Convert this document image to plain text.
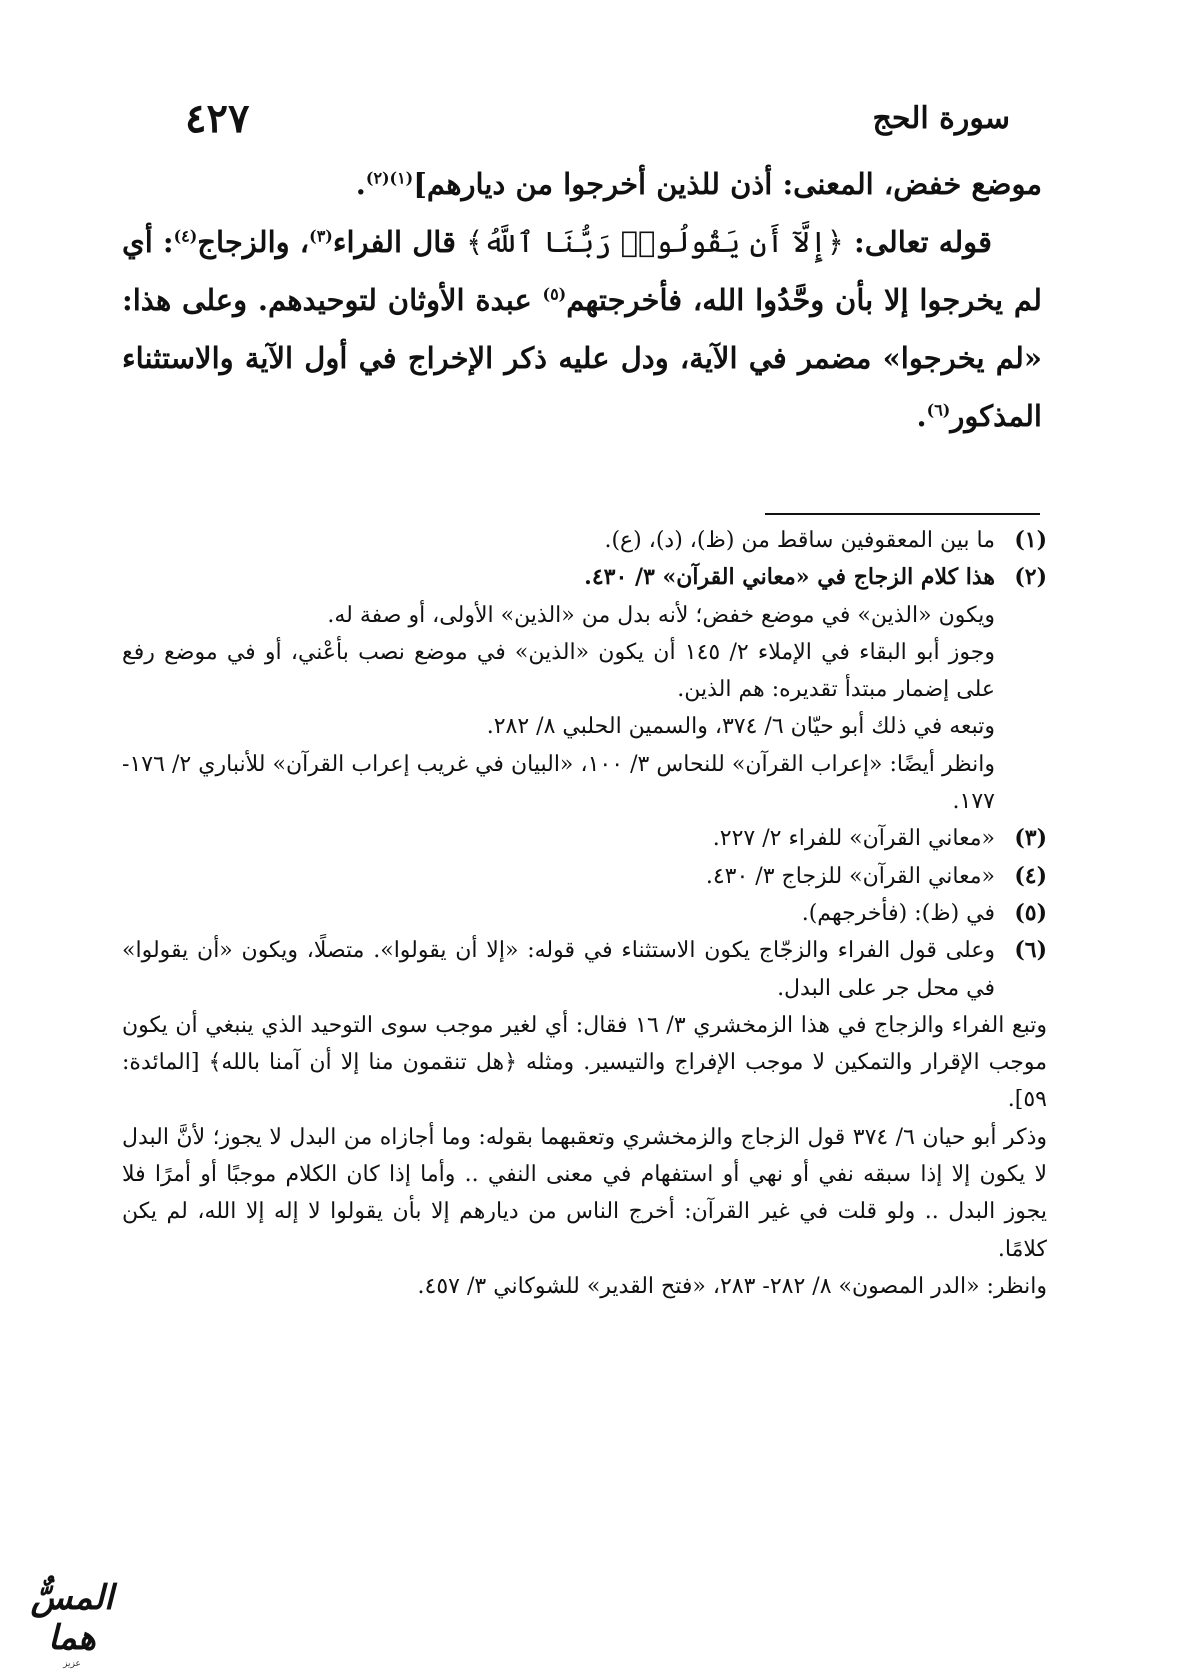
٤٢٧	سورة الحج

موضع خفض، المعنى: أذن للذين أخرجوا من ديارهم]$^{(١)(٢)}$.

قوله تعالى: ﴿إِلَّآ أَن يَقُولُوا۟ رَبُّنَا ٱللَّهُ﴾ قال الفراء$^{(٣)}$، والزجاج$^{(٤)}$: أي لم يخرجوا إلا بأن وحَّدُوا الله، فأخرجتهم$^{(٥)}$ عبدة الأوثان لتوحيدهم. وعلى هذا: «لم يخرجوا» مضمر في الآية، ودل عليه ذكر الإخراج في أول الآية والاستثناء المذكور$^{(٦)}$.

(١)
ما بين المعقوفين ساقط من (ظ)، (د)، (ع).
(٢)
هذا كلام الزجاج في «معاني القرآن» ٣/ ٤٣٠.
ويكون «الذين» في موضع خفض؛ لأنه بدل من «الذين» الأولى، أو صفة له.
وجوز أبو البقاء في الإملاء ٢/ ١٤٥ أن يكون «الذين» في موضع نصب بأعْني، أو في موضع رفع على إضمار مبتدأ تقديره: هم الذين.
وتبعه في ذلك أبو حيّان ٦/ ٣٧٤، والسمين الحلبي ٨/ ٢٨٢.
وانظر أيضًا: «إعراب القرآن» للنحاس ٣/ ١٠٠، «البيان في غريب إعراب القرآن» للأنباري ٢/ ١٧٦- ١٧٧.
(٣)
«معاني القرآن» للفراء ٢/ ٢٢٧.
(٤)
«معاني القرآن» للزجاج ٣/ ٤٣٠.
(٥)
في (ظ): (فأخرجهم).
(٦)
وعلى قول الفراء والزجّاج يكون الاستثناء في قوله: «إلا أن يقولوا». متصلًا، ويكون «أن يقولوا» في محل جر على البدل.
وتبع الفراء والزجاج في هذا الزمخشري ٣/ ١٦ فقال: أي لغير موجب سوى التوحيد الذي ينبغي أن يكون موجب الإقرار والتمكين لا موجب الإفراج والتيسير. ومثله ﴿هل تنقمون منا إلا أن آمنا بالله﴾ [المائدة: ٥٩].
وذكر أبو حيان ٦/ ٣٧٤ قول الزجاج والزمخشري وتعقبهما بقوله: وما أجازاه من البدل لا يجوز؛ لأنَّ البدل لا يكون إلا إذا سبقه نفي أو نهي أو استفهام في معنى النفي .. وأما إذا كان الكلام موجبًا أو أمرًا فلا يجوز البدل .. ولو قلت في غير القرآن: أخرج الناس من ديارهم إلا بأن يقولوا لا إله إلا الله، لم يكن كلامًا.
وانظر: «الدر المصون» ٨/ ٢٨٢- ٢٨٣، «فتح القدير» للشوكاني ٣/ ٤٥٧.
المسٌّ هما
عزيز
